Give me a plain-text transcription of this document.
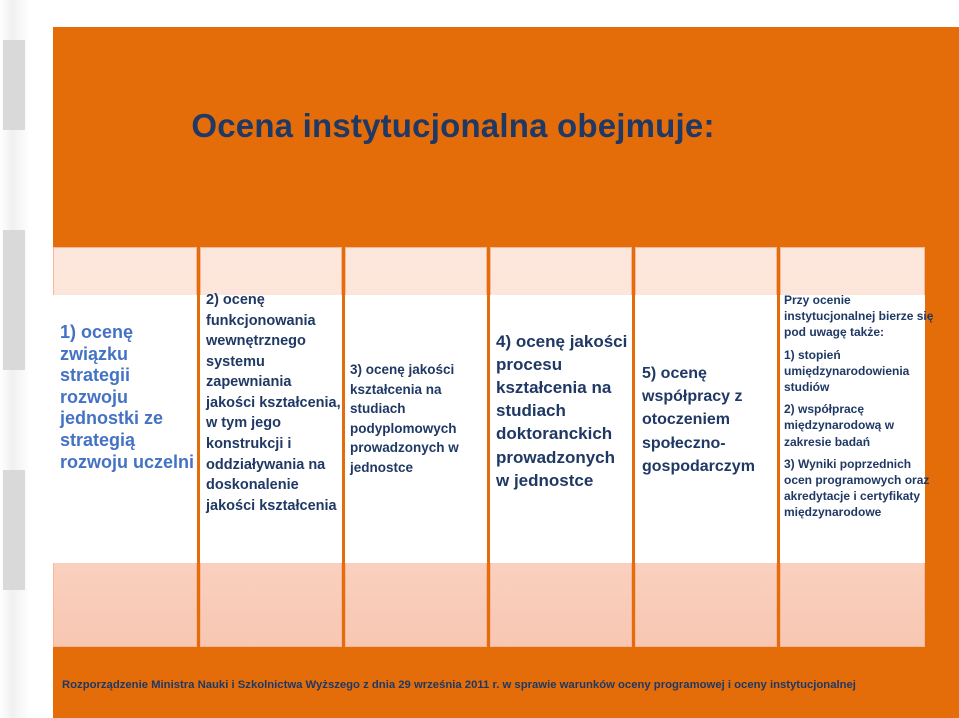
Ocena instytucjonalna obejmuje:
1) ocenę związku strategii rozwoju jednostki ze strategią rozwoju uczelni
2) ocenę funkcjonowania wewnętrznego systemu zapewniania jakości kształcenia, w tym jego konstrukcji i oddziaływania na doskonalenie jakości kształcenia
3) ocenę jakości kształcenia na studiach podyplomowych prowadzonych w jednostce
4) ocenę jakości procesu kształcenia na studiach doktoranckich prowadzonych w jednostce
5) ocenę współpracy z otoczeniem społeczno-gospodarczym

Przy ocenie instytucjonalnej bierze się pod uwagę także:

1) stopień umiędzynarodowienia studiów

2) współpracę międzynarodową w zakresie badań

3) Wyniki poprzednich ocen programowych oraz akredytacje i certyfikaty międzynarodowe

Rozporządzenie Ministra Nauki i Szkolnictwa Wyższego z dnia 29 września 2011 r. w sprawie warunków oceny programowej i oceny instytucjonalnej
